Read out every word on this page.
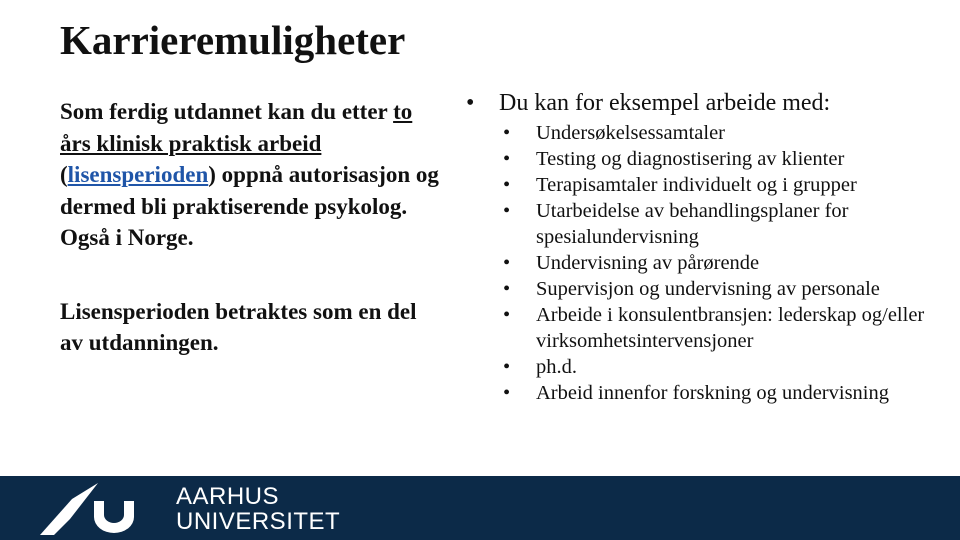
Karrieremuligheter

Som ferdig utdannet kan du etter to års klinisk praktisk arbeid (lisensperioden) oppnå autorisasjon og dermed bli praktiserende psykolog. Også i Norge.

Lisensperioden betraktes som en del av utdanningen.

• Du kan for eksempel arbeide med:
• Undersøkelsessamtaler
• Testing og diagnostisering av klienter
• Terapisamtaler individuelt og i grupper
• Utarbeidelse av behandlingsplaner for spesialundervisning
• Undervisning av pårørende
• Supervisjon og undervisning av personale
• Arbeide i konsulentbransjen: lederskap og/eller virksomhetsintervensjoner
• ph.d.
• Arbeid innenfor forskning og undervisning
AARHUS
UNIVERSITET
